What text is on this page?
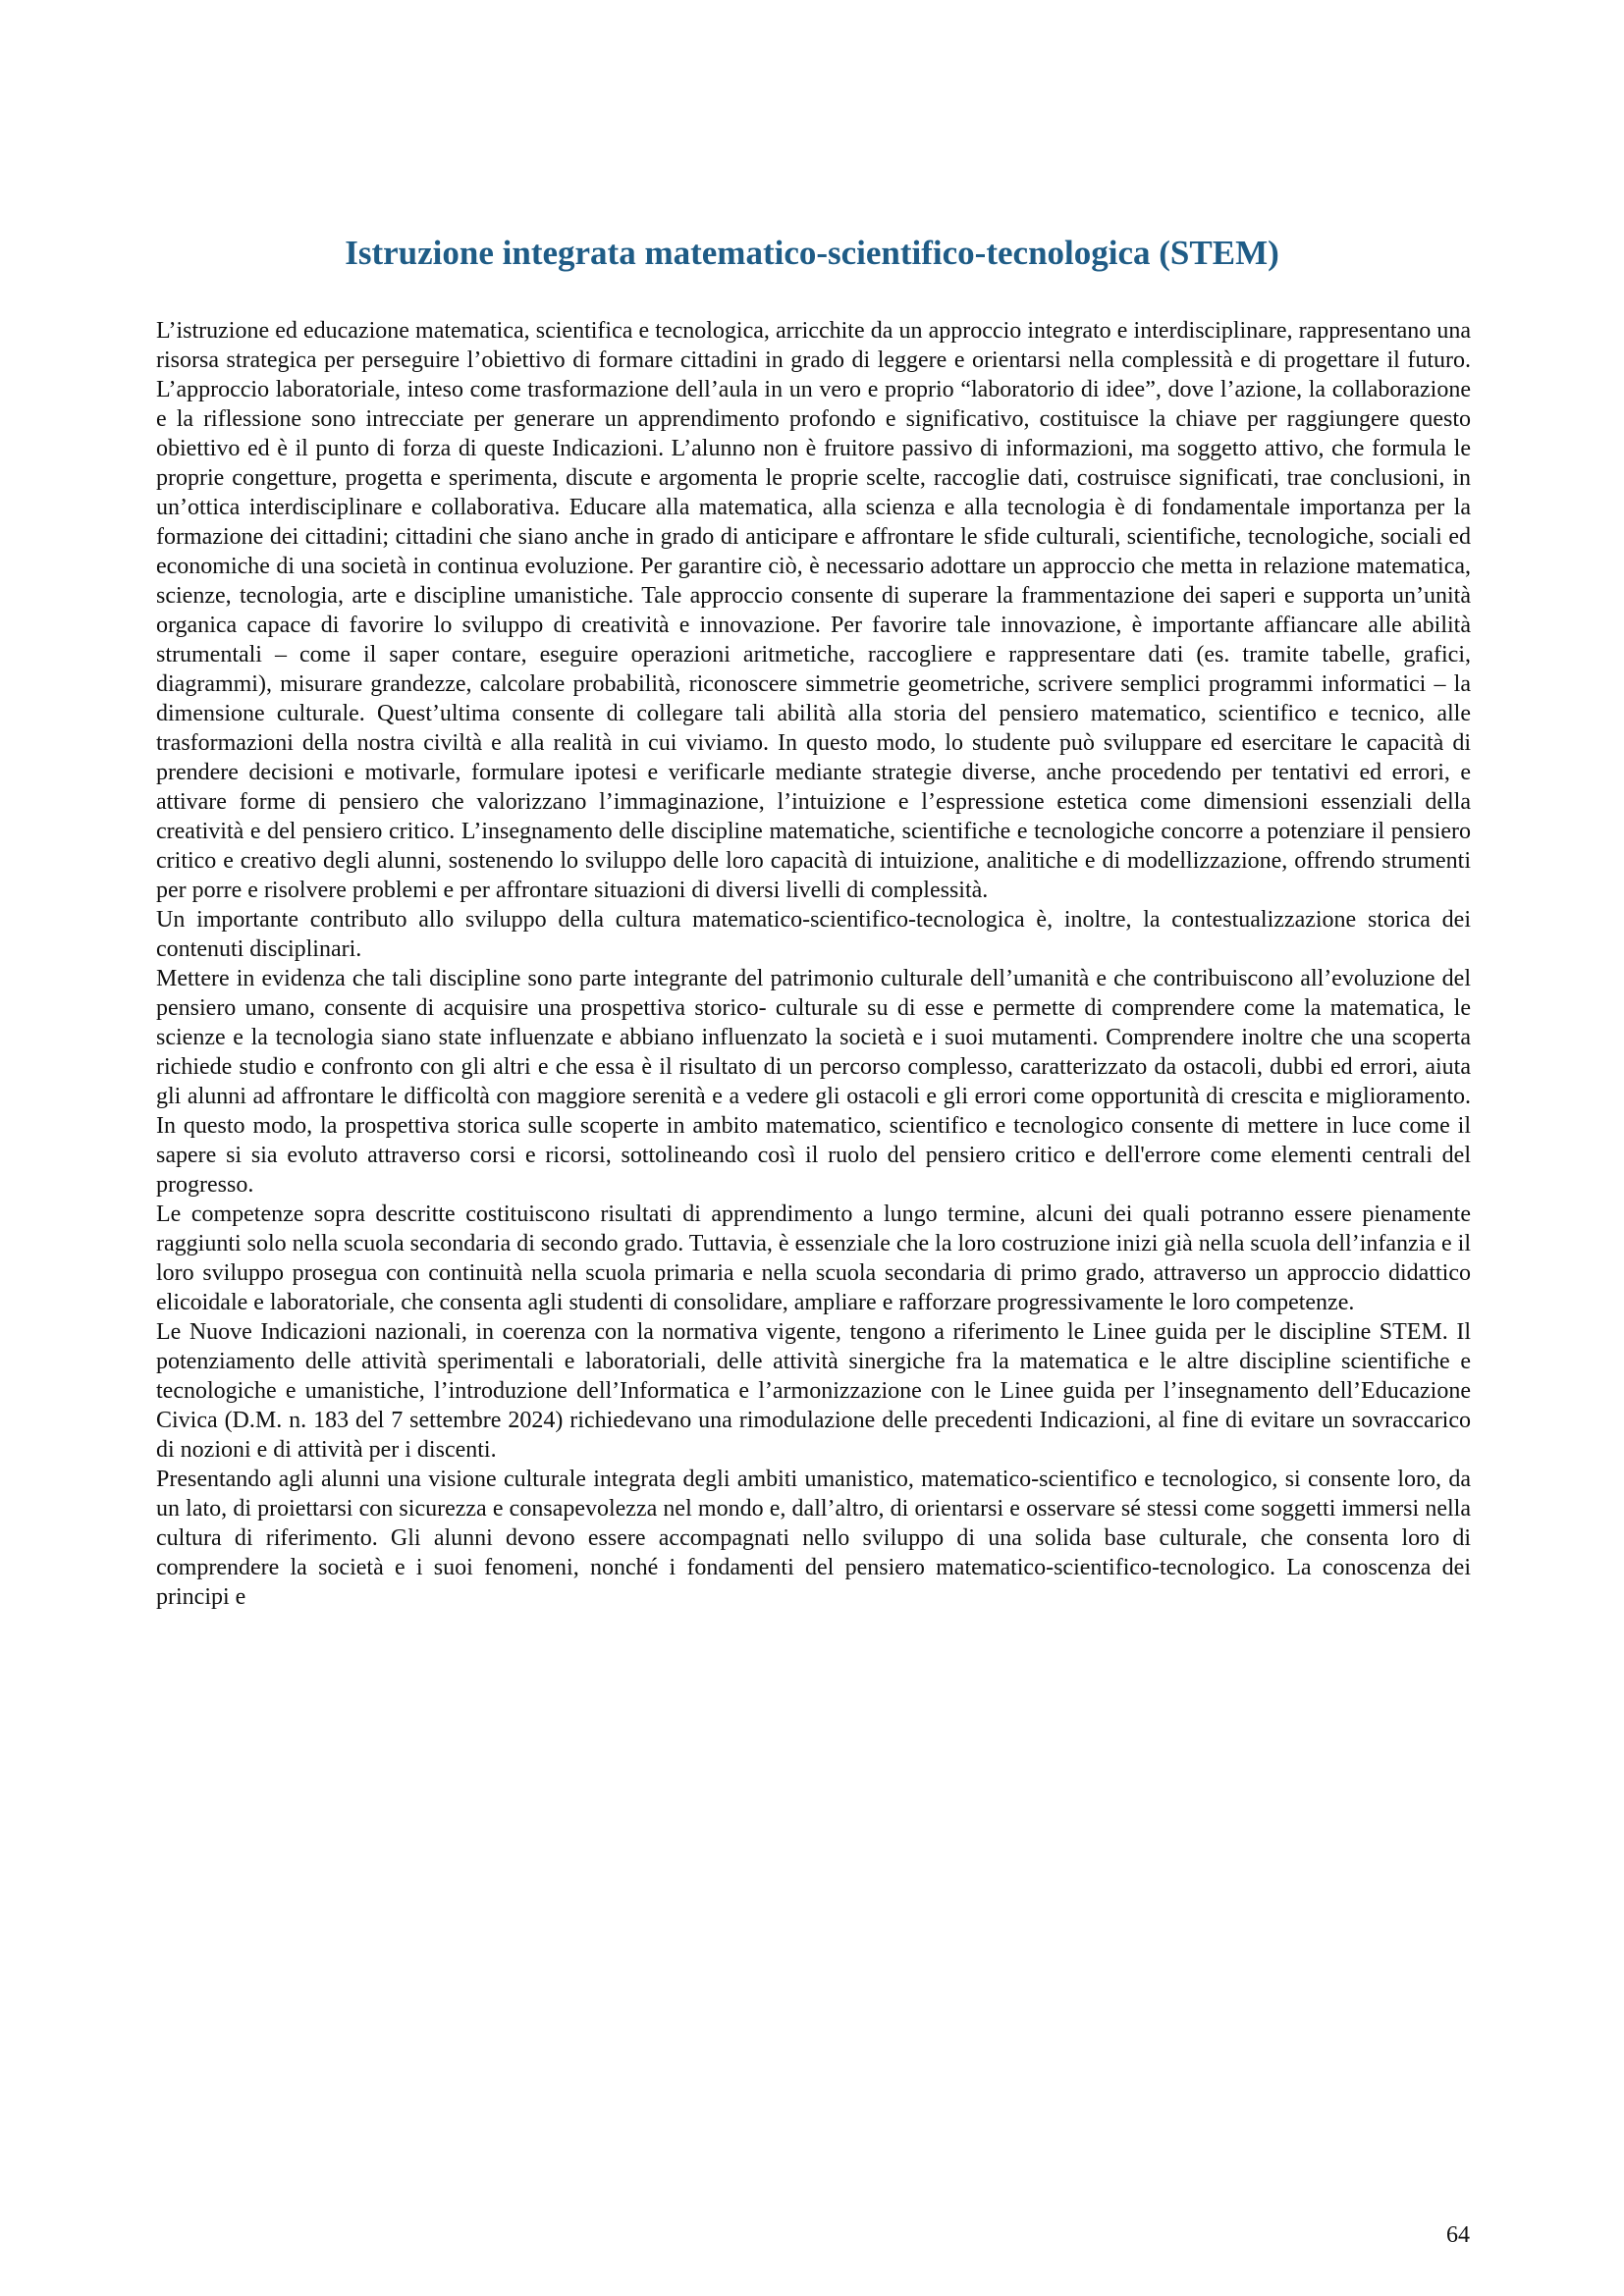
Istruzione integrata matematico-scientifico-tecnologica (STEM)

L’istruzione ed educazione matematica, scientifica e tecnologica, arricchite da un approccio integrato e interdisciplinare, rappresentano una risorsa strategica per perseguire l’obiettivo di formare cittadini in grado di leggere e orientarsi nella complessità e di progettare il futuro. L’approccio laboratoriale, inteso come trasformazione dell’aula in un vero e proprio “laboratorio di idee”, dove l’azione, la collaborazione e la riflessione sono intrecciate per generare un apprendimento profondo e significativo, costituisce la chiave per raggiungere questo obiettivo ed è il punto di forza di queste Indicazioni. L’alunno non è fruitore passivo di informazioni, ma soggetto attivo, che formula le proprie congetture, progetta e sperimenta, discute e argomenta le proprie scelte, raccoglie dati, costruisce significati, trae conclusioni, in un’ottica interdisciplinare e collaborativa. Educare alla matematica, alla scienza e alla tecnologia è di fondamentale importanza per la formazione dei cittadini; cittadini che siano anche in grado di anticipare e affrontare le sfide culturali, scientifiche, tecnologiche, sociali ed economiche di una società in continua evoluzione. Per garantire ciò, è necessario adottare un approccio che metta in relazione matematica, scienze, tecnologia, arte e discipline umanistiche. Tale approccio consente di superare la frammentazione dei saperi e supporta un’unità organica capace di favorire lo sviluppo di creatività e innovazione. Per favorire tale innovazione, è importante affiancare alle abilità strumentali – come il saper contare, eseguire operazioni aritmetiche, raccogliere e rappresentare dati (es. tramite tabelle, grafici, diagrammi), misurare grandezze, calcolare probabilità, riconoscere simmetrie geometriche, scrivere semplici programmi informatici – la dimensione culturale. Quest’ultima consente di collegare tali abilità alla storia del pensiero matematico, scientifico e tecnico, alle trasformazioni della nostra civiltà e alla realità in cui viviamo. In questo modo, lo studente può sviluppare ed esercitare le capacità di prendere decisioni e motivarle, formulare ipotesi e verificarle mediante strategie diverse, anche procedendo per tentativi ed errori, e attivare forme di pensiero che valorizzano l’immaginazione, l’intuizione e l’espressione estetica come dimensioni essenziali della creatività e del pensiero critico. L’insegnamento delle discipline matematiche, scientifiche e tecnologiche concorre a potenziare il pensiero critico e creativo degli alunni, sostenendo lo sviluppo delle loro capacità di intuizione, analitiche e di modellizzazione, offrendo strumenti per porre e risolvere problemi e per affrontare situazioni di diversi livelli di complessità.

Un importante contributo allo sviluppo della cultura matematico-scientifico-tecnologica è, inoltre, la contestualizzazione storica dei contenuti disciplinari.

Mettere in evidenza che tali discipline sono parte integrante del patrimonio culturale dell’umanità e che contribuiscono all’evoluzione del pensiero umano, consente di acquisire una prospettiva storico- culturale su di esse e permette di comprendere come la matematica, le scienze e la tecnologia siano state influenzate e abbiano influenzato la società e i suoi mutamenti. Comprendere inoltre che una scoperta richiede studio e confronto con gli altri e che essa è il risultato di un percorso complesso, caratterizzato da ostacoli, dubbi ed errori, aiuta gli alunni ad affrontare le difficoltà con maggiore serenità e a vedere gli ostacoli e gli errori come opportunità di crescita e miglioramento. In questo modo, la prospettiva storica sulle scoperte in ambito matematico, scientifico e tecnologico consente di mettere in luce come il sapere si sia evoluto attraverso corsi e ricorsi, sottolineando così il ruolo del pensiero critico e dell'errore come elementi centrali del progresso.

Le competenze sopra descritte costituiscono risultati di apprendimento a lungo termine, alcuni dei quali potranno essere pienamente raggiunti solo nella scuola secondaria di secondo grado. Tuttavia, è essenziale che la loro costruzione inizi già nella scuola dell’infanzia e il loro sviluppo prosegua con continuità nella scuola primaria e nella scuola secondaria di primo grado, attraverso un approccio didattico elicoidale e laboratoriale, che consenta agli studenti di consolidare, ampliare e rafforzare progressivamente le loro competenze.

Le Nuove Indicazioni nazionali, in coerenza con la normativa vigente, tengono a riferimento le Linee guida per le discipline STEM. Il potenziamento delle attività sperimentali e laboratoriali, delle attività sinergiche fra la matematica e le altre discipline scientifiche e tecnologiche e umanistiche, l’introduzione dell’Informatica e l’armonizzazione con le Linee guida per l’insegnamento dell’Educazione Civica (D.M. n. 183 del 7 settembre 2024) richiedevano una rimodulazione delle precedenti Indicazioni, al fine di evitare un sovraccarico di nozioni e di attività per i discenti.

Presentando agli alunni una visione culturale integrata degli ambiti umanistico, matematico-scientifico e tecnologico, si consente loro, da un lato, di proiettarsi con sicurezza e consapevolezza nel mondo e, dall’altro, di orientarsi e osservare sé stessi come soggetti immersi nella cultura di riferimento. Gli alunni devono essere accompagnati nello sviluppo di una solida base culturale, che consenta loro di comprendere la società e i suoi fenomeni, nonché i fondamenti del pensiero matematico-scientifico-tecnologico. La conoscenza dei principi e

64
